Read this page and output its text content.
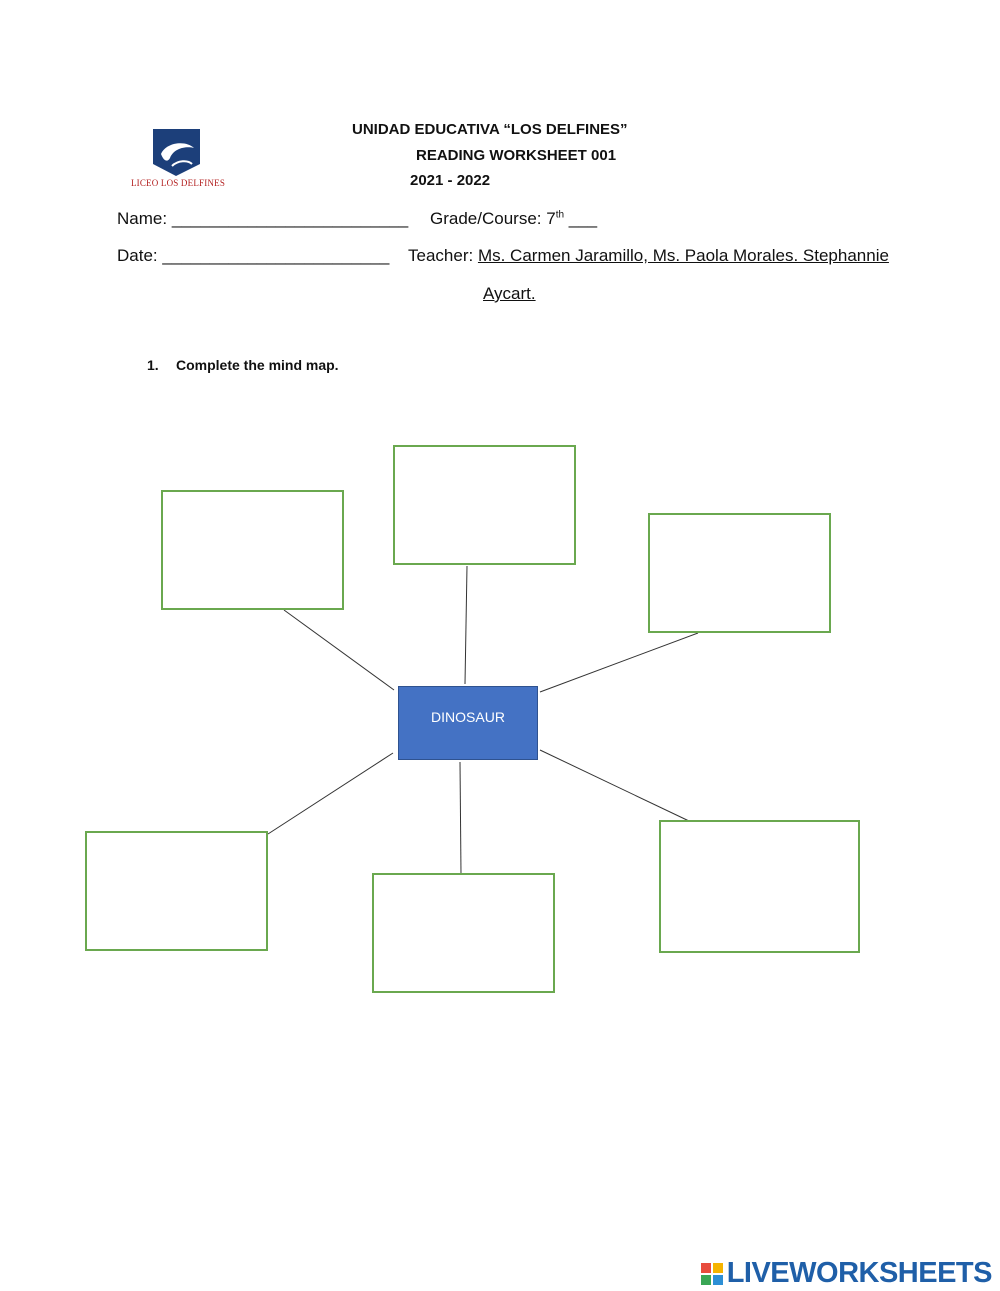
LICEO LOS DELFINES
UNIDAD EDUCATIVA “LOS DELFINES”
READING WORKSHEET 001
2021 - 2022
Name: _________________________ Grade/Course: 7th ___
Date: ________________________ Teacher: Ms. Carmen Jaramillo, Ms. Paola Morales. Stephannie
Aycart.
1. Complete the mind map.
DINOSAUR
LIVEWORKSHEETS
